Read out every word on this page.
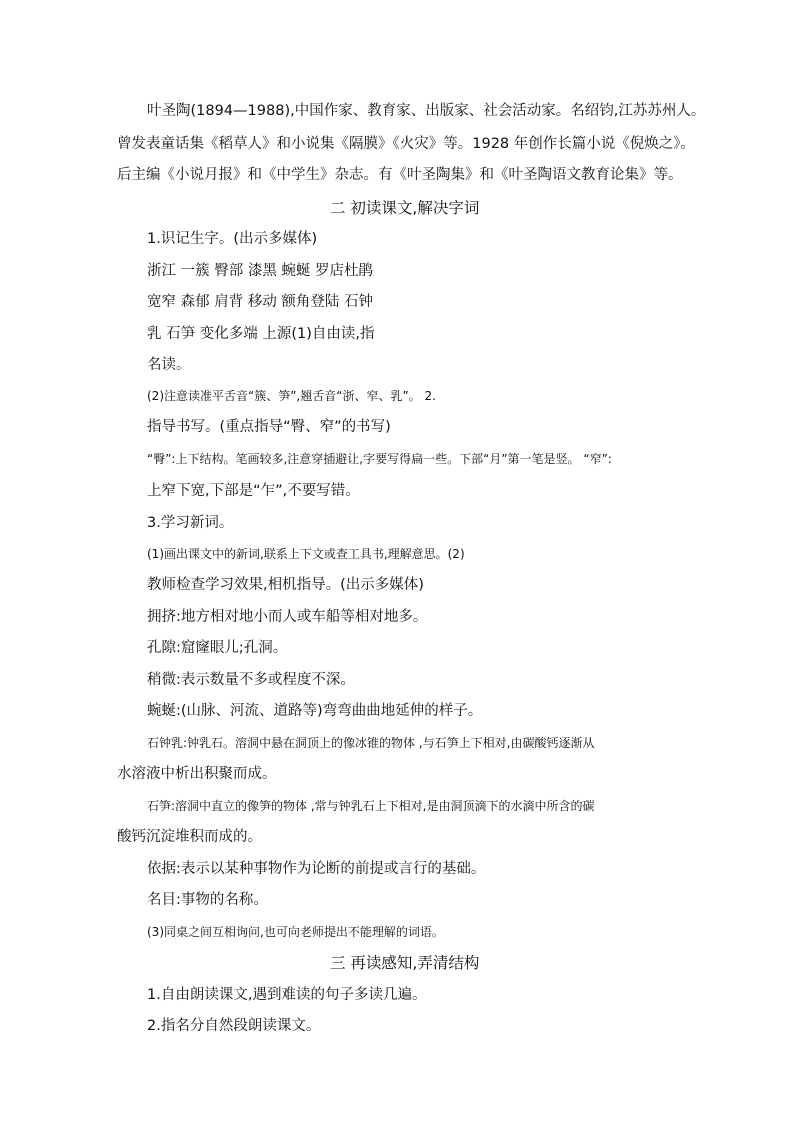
叶圣陶(1894—1988),中国作家、教育家、出版家、社会活动家。名绍钧,江苏苏州人。
曾发表童话集《稻草人》和小说集《隔膜》《火灾》等。1928 年创作长篇小说《倪焕之》。
后主编《小说月报》和《中学生》杂志。有《叶圣陶集》和《叶圣陶语文教育论集》等。
二 初读课文,解决字词
1.识记生字。(出示多媒体)
浙江 一簇 臀部 漆黑 蜿蜒 罗店杜鹃
宽窄 森郁 肩背 移动 额角登陆 石钟
乳 石笋 变化多端 上源(1)自由读,指
名读。
(2)注意读准平舌音“簇、笋”,翘舌音“浙、窄、乳”。 2.
指导书写。(重点指导“臀、窄”的书写)
“臀”:上下结构。笔画较多,注意穿插避让,字要写得扁一些。下部“月”第一笔是竖。 “窄”:
上窄下宽,下部是“乍”,不要写错。
3.学习新词。
(1)画出课文中的新词,联系上下文或查工具书,理解意思。(2)
教师检查学习效果,相机指导。(出示多媒体)
拥挤:地方相对地小而人或车船等相对地多。
孔隙:窟窿眼儿;孔洞。
稍微:表示数量不多或程度不深。
蜿蜒:(山脉、河流、道路等)弯弯曲曲地延伸的样子。
石钟乳:钟乳石。溶洞中悬在洞顶上的像冰锥的物体 ,与石笋上下相对,由碳酸钙逐渐从
水溶液中析出积聚而成。
石笋:溶洞中直立的像笋的物体 ,常与钟乳石上下相对,是由洞顶滴下的水滴中所含的碳
酸钙沉淀堆积而成的。
依据:表示以某种事物作为论断的前提或言行的基础。
名目:事物的名称。
(3)同桌之间互相询问,也可向老师提出不能理解的词语。
三 再读感知,弄清结构
1.自由朗读课文,遇到难读的句子多读几遍。
2.指名分自然段朗读课文。
